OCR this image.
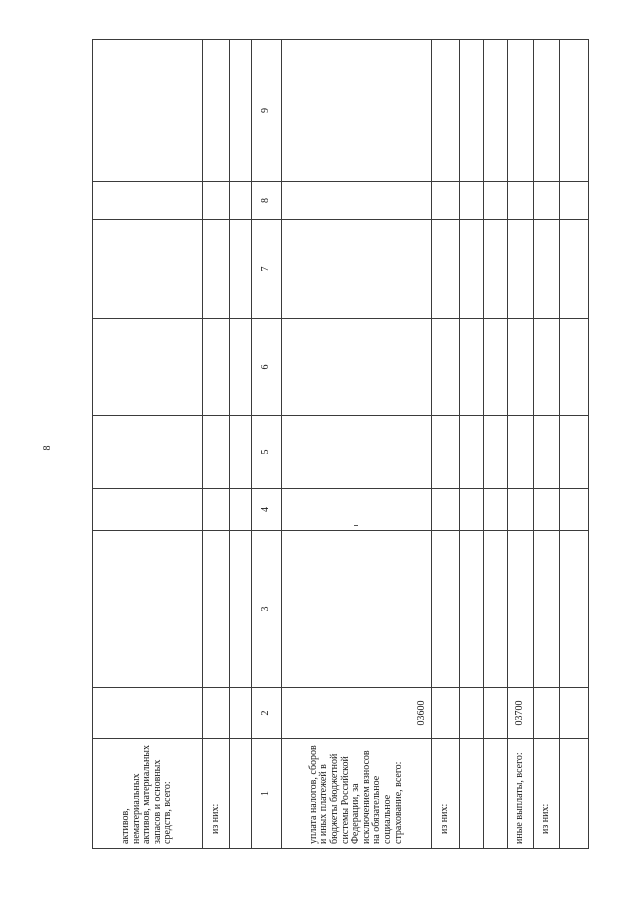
8
активов, нематериальных активов, материальных запасов и основных средств, всего:								
из них:								

1	2	3	4	5	6	7	8	9
уплата налогов, сборов и иных платежей в бюджеты бюджетной системы Российской Федерации, за исключением взносов на обязательное социальное страхование, всего:	03600							
из них:								

иные выплаты, всего:	03700							
из них:								
